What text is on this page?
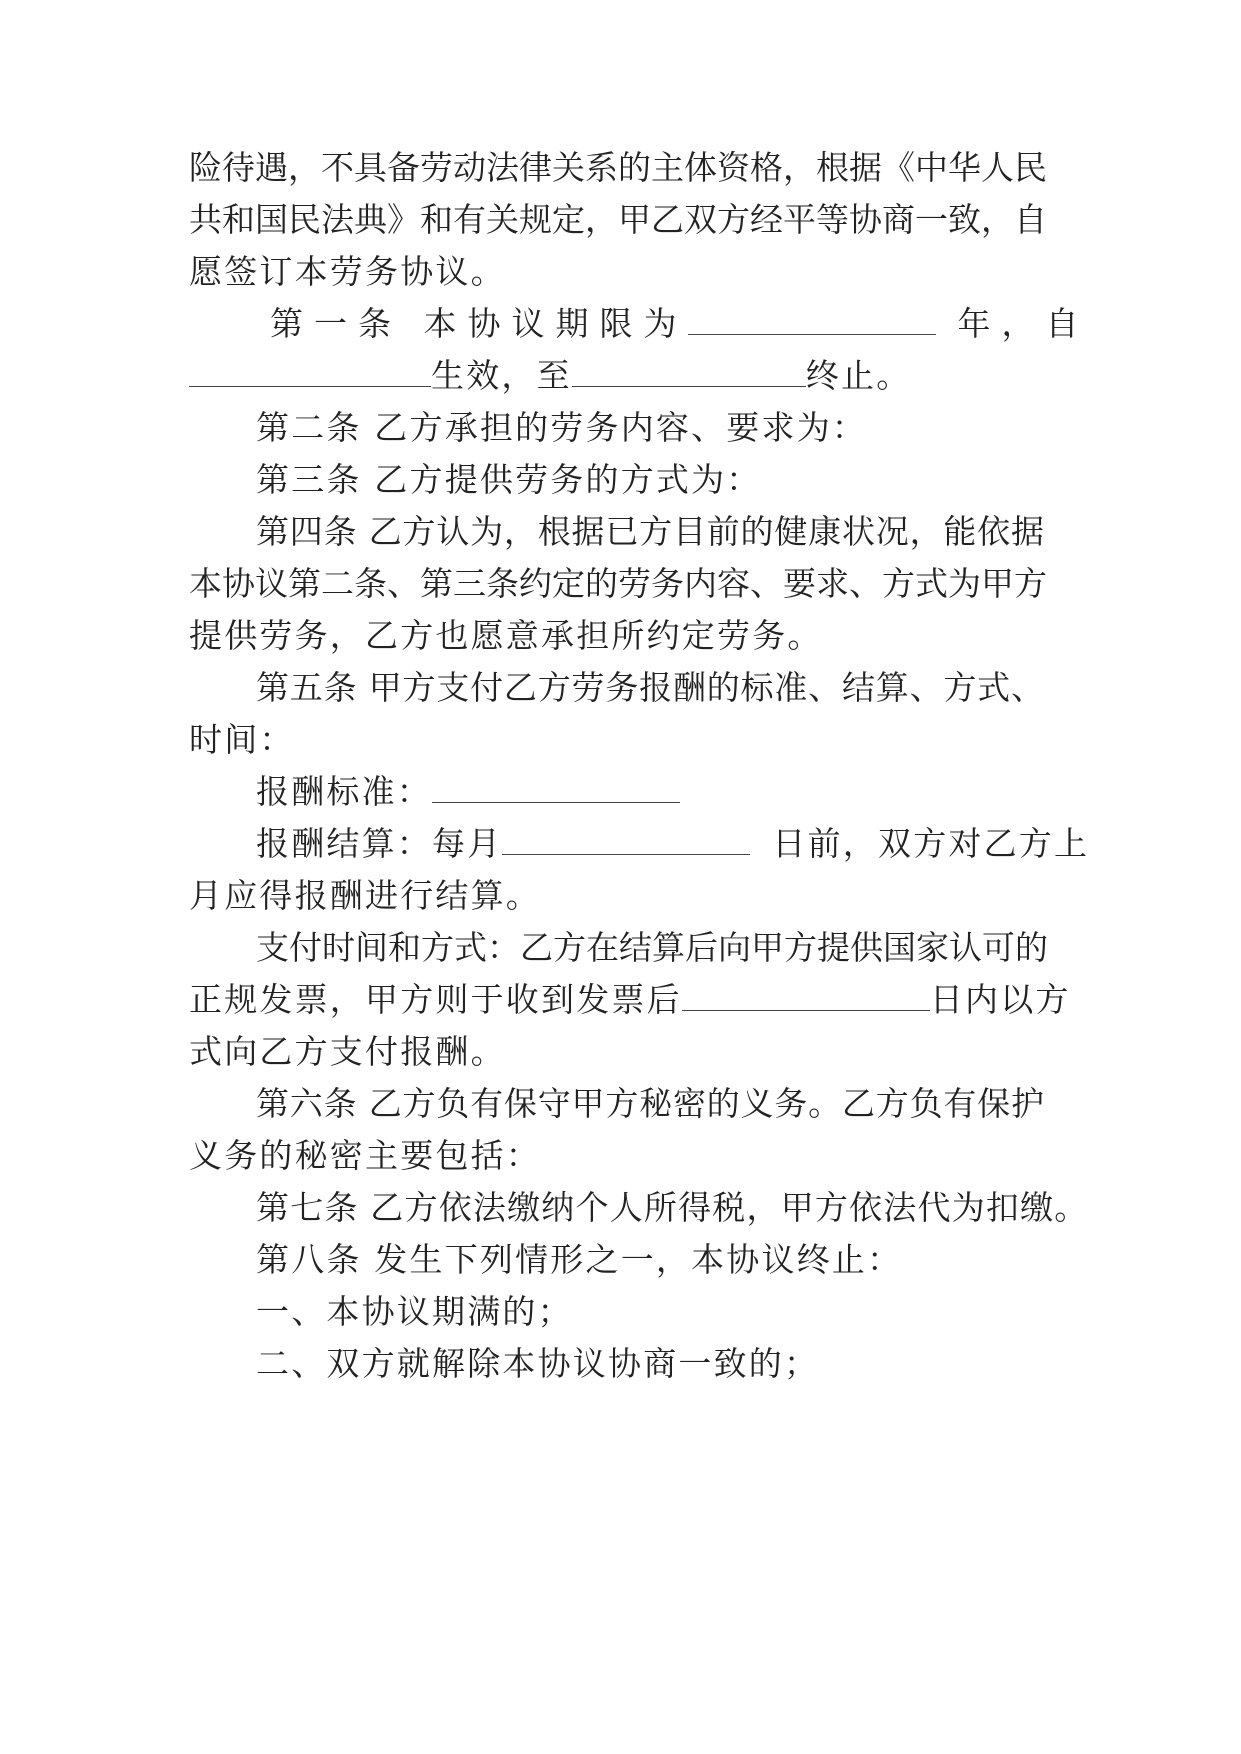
险待遇，不具备劳动法律关系的主体资格，根据《中华人民
共和国民法典》和有关规定，甲乙双方经平等协商一致，自
愿签订本劳务协议。
第一条 本协议期限为	年，自
生效，至	终止。
第二条 乙方承担的劳务内容、要求为：
第三条 乙方提供劳务的方式为：
第四条 乙方认为，根据已方目前的健康状况，能依据
本协议第二条、第三条约定的劳务内容、要求、方式为甲方
提供劳务，乙方也愿意承担所约定劳务。
第五条 甲方支付乙方劳务报酬的标准、结算、方式、
时间：
报酬标准：
报酬结算：每月	日前，双方对乙方上
月应得报酬进行结算。
支付时间和方式：乙方在结算后向甲方提供国家认可的
正规发票，甲方则于收到发票后	日内以方
式向乙方支付报酬。
第六条 乙方负有保守甲方秘密的义务。乙方负有保护
义务的秘密主要包括：
第七条 乙方依法缴纳个人所得税，甲方依法代为扣缴。
第八条 发生下列情形之一，本协议终止：
一、本协议期满的；
二、双方就解除本协议协商一致的；
